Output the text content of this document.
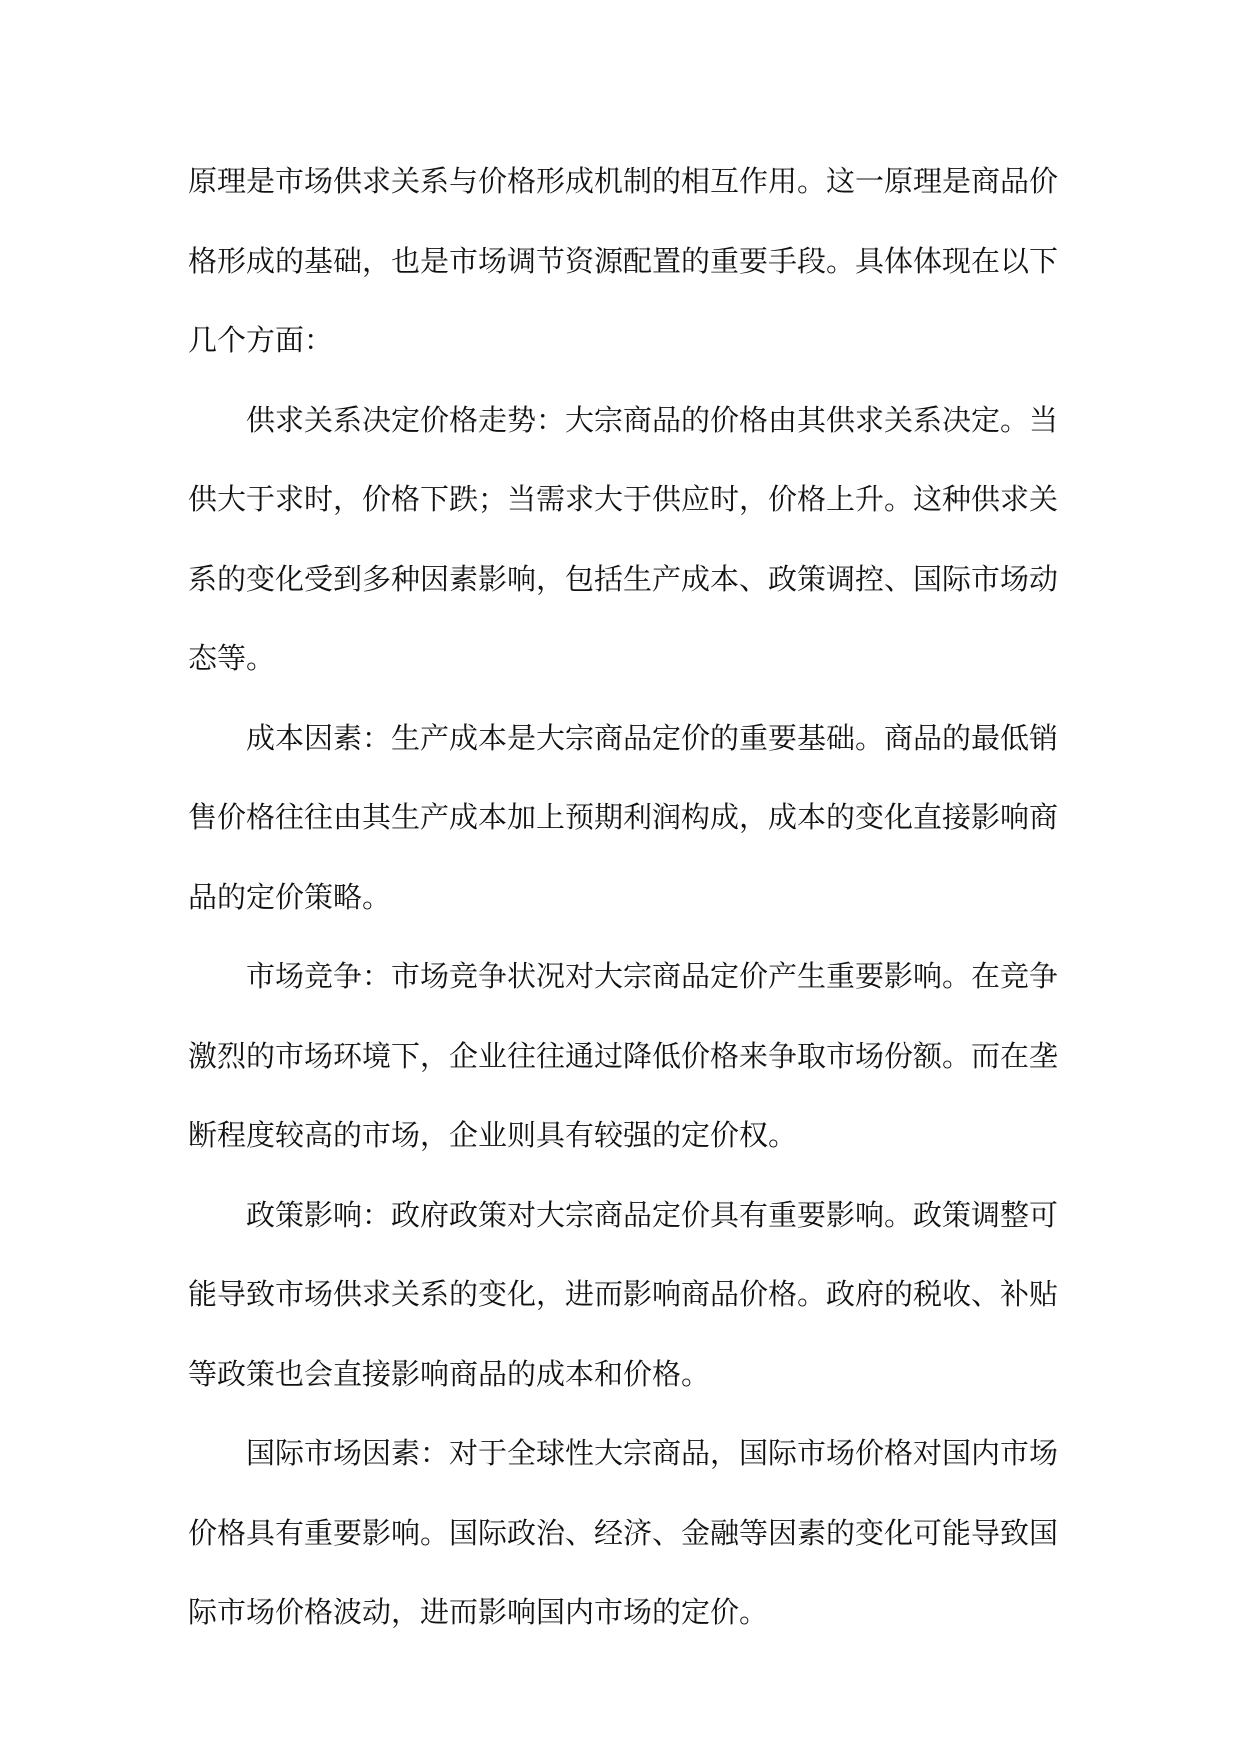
原理是市场供求关系与价格形成机制的相互作用。这一原理是商品价格形成的基础，也是市场调节资源配置的重要手段。具体体现在以下几个方面：

供求关系决定价格走势：大宗商品的价格由其供求关系决定。当供大于求时，价格下跌；当需求大于供应时，价格上升。这种供求关系的变化受到多种因素影响，包括生产成本、政策调控、国际市场动态等。

成本因素：生产成本是大宗商品定价的重要基础。商品的最低销售价格往往由其生产成本加上预期利润构成，成本的变化直接影响商品的定价策略。

市场竞争：市场竞争状况对大宗商品定价产生重要影响。在竞争激烈的市场环境下，企业往往通过降低价格来争取市场份额。而在垄断程度较高的市场，企业则具有较强的定价权。

政策影响：政府政策对大宗商品定价具有重要影响。政策调整可能导致市场供求关系的变化，进而影响商品价格。政府的税收、补贴等政策也会直接影响商品的成本和价格。

国际市场因素：对于全球性大宗商品，国际市场价格对国内市场价格具有重要影响。国际政治、经济、金融等因素的变化可能导致国际市场价格波动，进而影响国内市场的定价。
